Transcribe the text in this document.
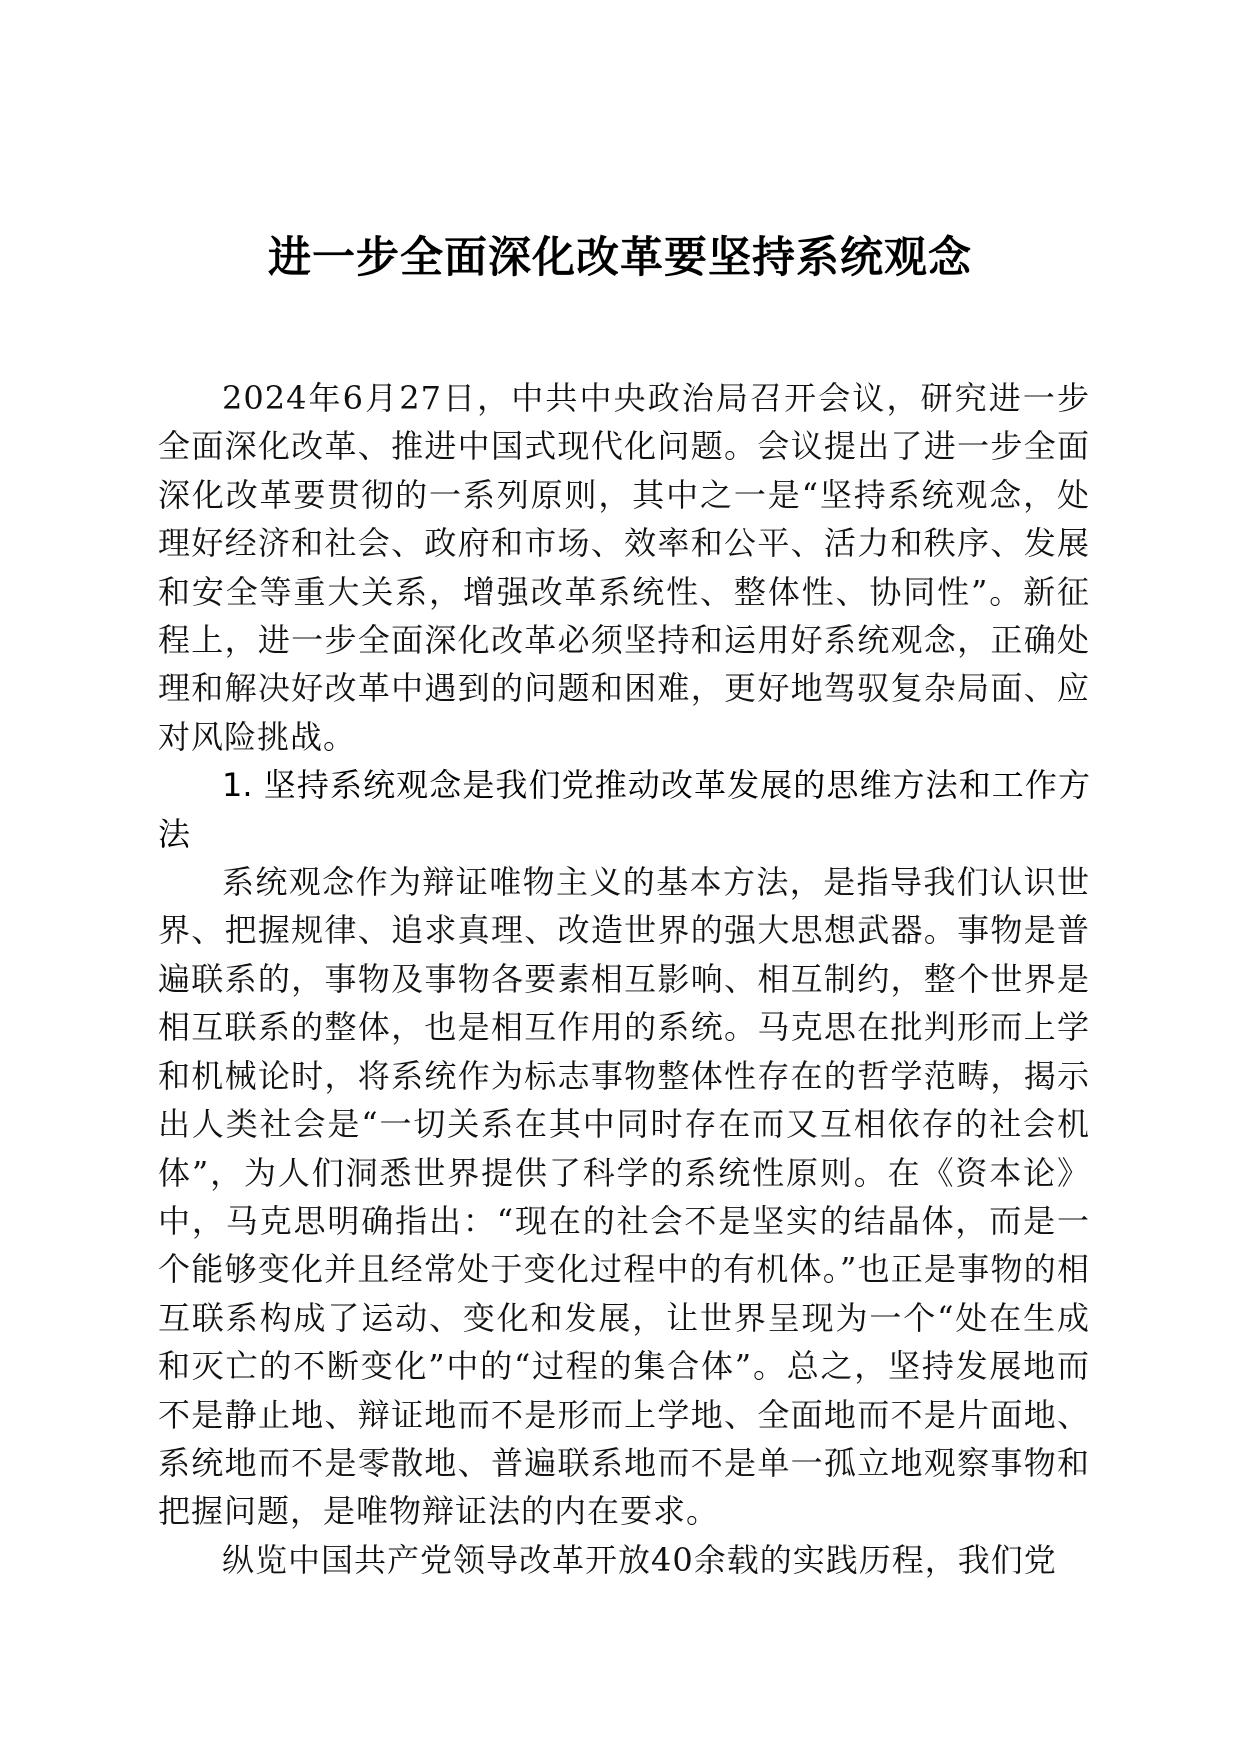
进一步全面深化改革要坚持系统观念

2024年6月27日，中共中央政治局召开会议，研究进一步全面深化改革、推进中国式现代化问题。会议提出了进一步全面深化改革要贯彻的一系列原则，其中之一是“坚持系统观念，处理好经济和社会、政府和市场、效率和公平、活力和秩序、发展和安全等重大关系，增强改革系统性、整体性、协同性”。新征程上，进一步全面深化改革必须坚持和运用好系统观念，正确处理和解决好改革中遇到的问题和困难，更好地驾驭复杂局面、应对风险挑战。

1. 坚持系统观念是我们党推动改革发展的思维方法和工作方法

系统观念作为辩证唯物主义的基本方法，是指导我们认识世界、把握规律、追求真理、改造世界的强大思想武器。事物是普遍联系的，事物及事物各要素相互影响、相互制约，整个世界是相互联系的整体，也是相互作用的系统。马克思在批判形而上学和机械论时，将系统作为标志事物整体性存在的哲学范畴，揭示出人类社会是“一切关系在其中同时存在而又互相依存的社会机体”，为人们洞悉世界提供了科学的系统性原则。在《资本论》中，马克思明确指出：“现在的社会不是坚实的结晶体，而是一个能够变化并且经常处于变化过程中的有机体。”也正是事物的相互联系构成了运动、变化和发展，让世界呈现为一个“处在生成和灭亡的不断变化”中的“过程的集合体”。总之，坚持发展地而不是静止地、辩证地而不是形而上学地、全面地而不是片面地、系统地而不是零散地、普遍联系地而不是单一孤立地观察事物和把握问题，是唯物辩证法的内在要求。

纵览中国共产党领导改革开放40余载的实践历程，我们党
